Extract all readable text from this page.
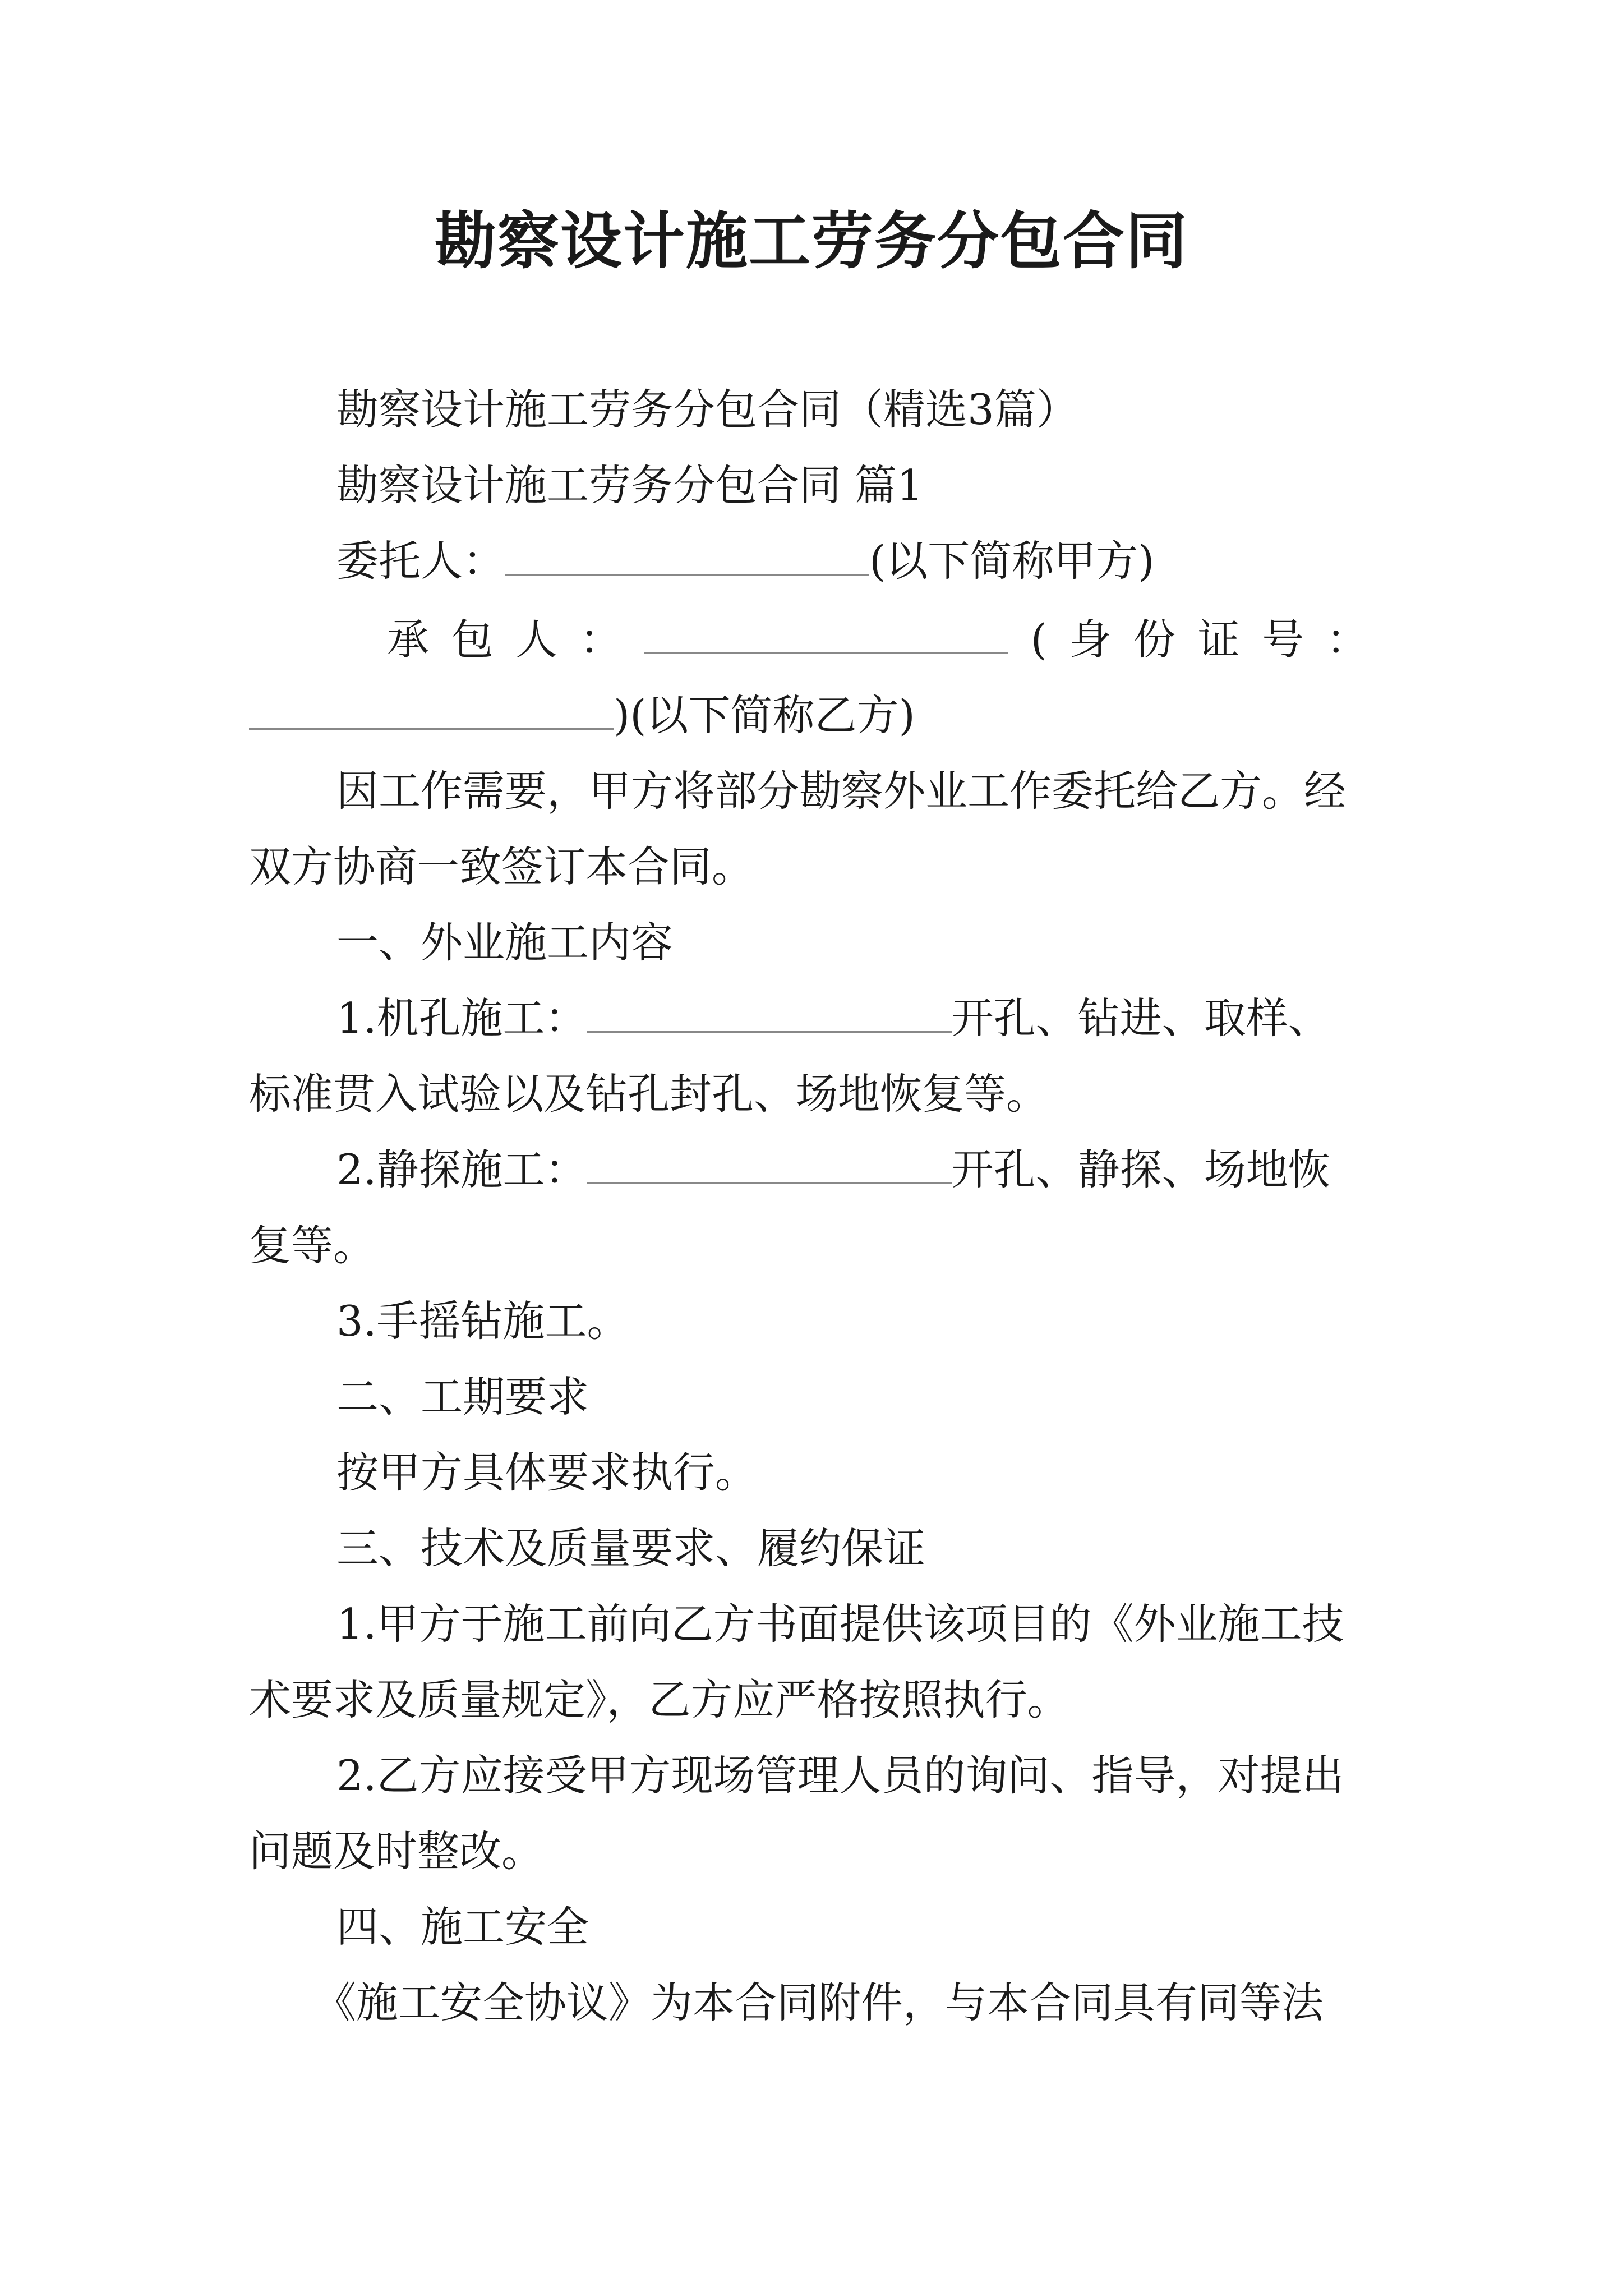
勘察设计施工劳务分包合同
勘察设计施工劳务分包合同（精选3篇）
勘察设计施工劳务分包合同 篇1
委托人：	(以下简称甲方)
承 包 人 ：	( 身 份 证 号 ：
)(以下简称乙方)
因工作需要，甲方将部分勘察外业工作委托给乙方。经
双方协商一致签订本合同。
一、外业施工内容
1.机孔施工：	开孔、钻进、取样、
标准贯入试验以及钻孔封孔、场地恢复等。
2.静探施工：	开孔、静探、场地恢
复等。
3.手摇钻施工。
二、工期要求
按甲方具体要求执行。
三、技术及质量要求、履约保证
1.甲方于施工前向乙方书面提供该项目的《外业施工技
术要求及质量规定》，乙方应严格按照执行。
2.乙方应接受甲方现场管理人员的询问、指导，对提出
问题及时整改。
四、施工安全
《施工安全协议》为本合同附件，与本合同具有同等法
